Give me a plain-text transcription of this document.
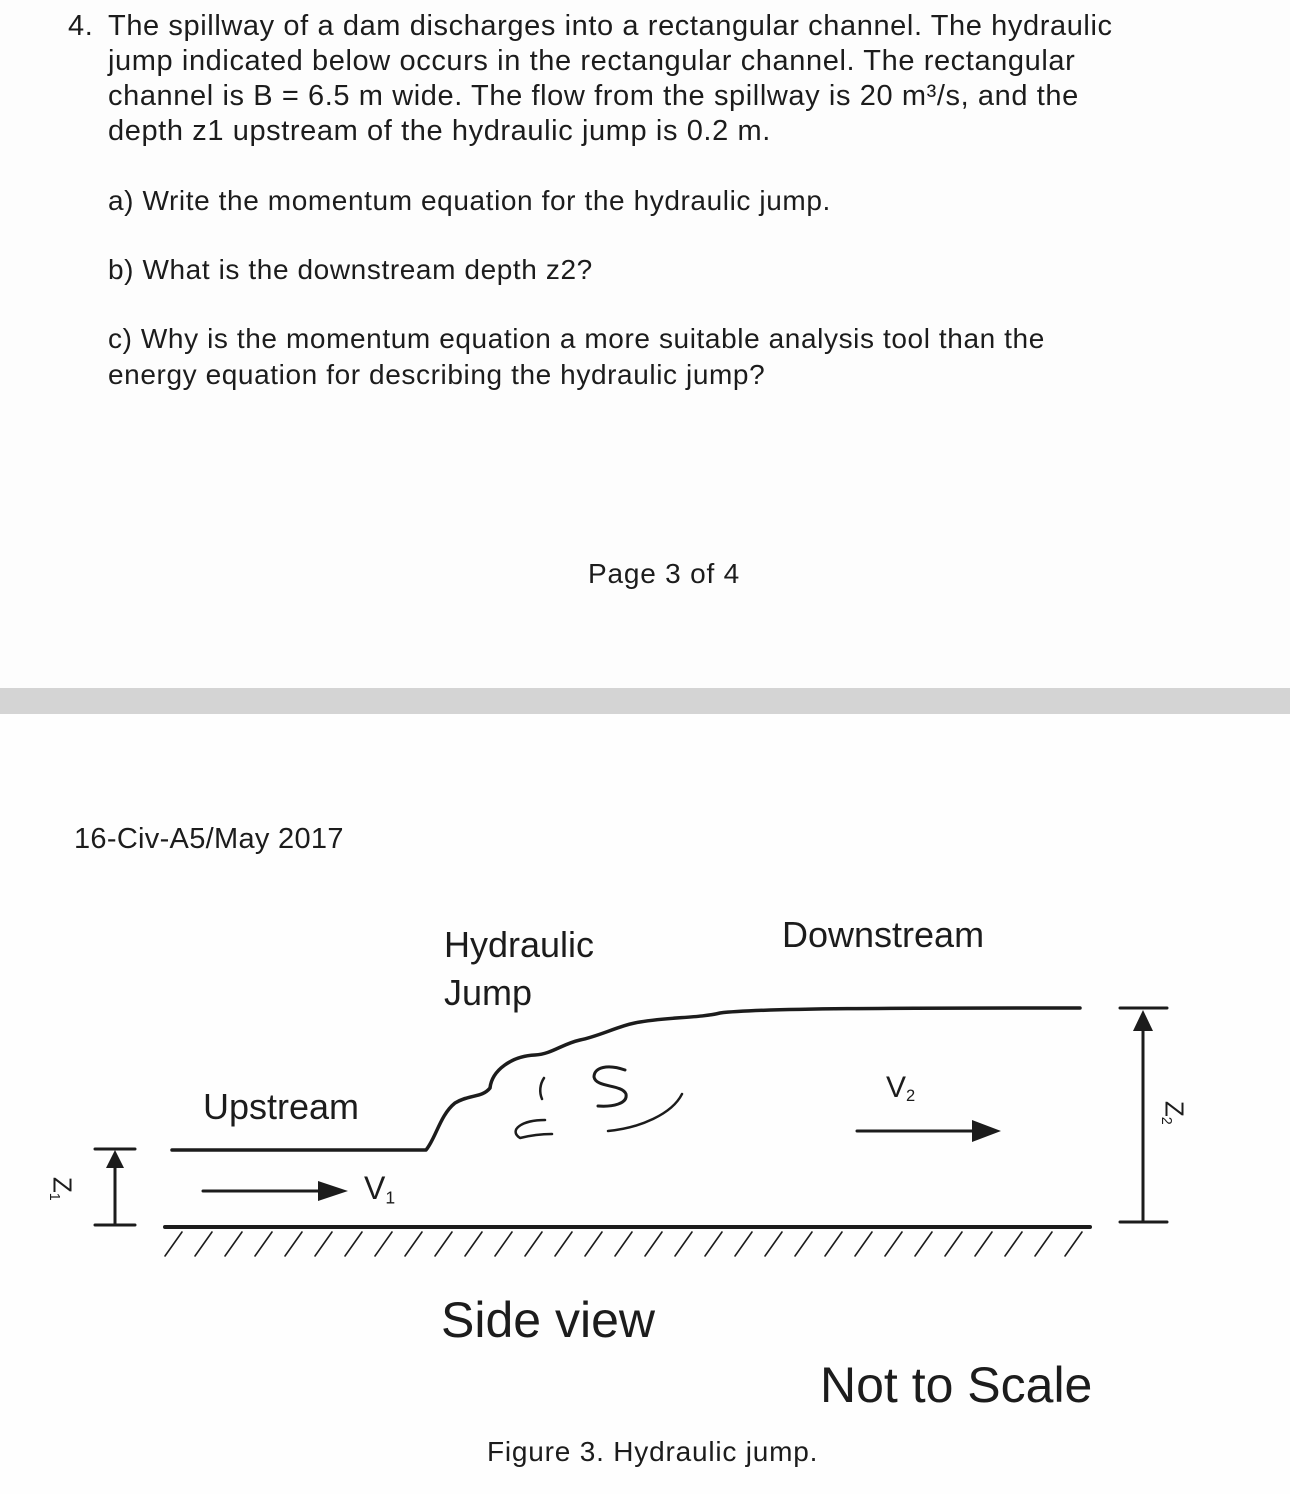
4. The spillway of a dam discharges into a rectangular channel. The hydraulic
jump indicated below occurs in the rectangular channel. The rectangular
channel is B = 6.5 m wide. The flow from the spillway is 20 m³/s, and the
depth z1 upstream of the hydraulic jump is 0.2 m.
a) Write the momentum equation for the hydraulic jump.
b) What is the downstream depth z2?
c) Why is the momentum equation a more suitable analysis tool than the
energy equation for describing the hydraulic jump?
Page 3 of 4
16-Civ-A5/May 2017
Hydraulic
Jump
Downstream
Upstream
$V_1$
$V_2$
$Z_1$
$Z_2$
Side view
Not to Scale
Figure 3. Hydraulic jump.
